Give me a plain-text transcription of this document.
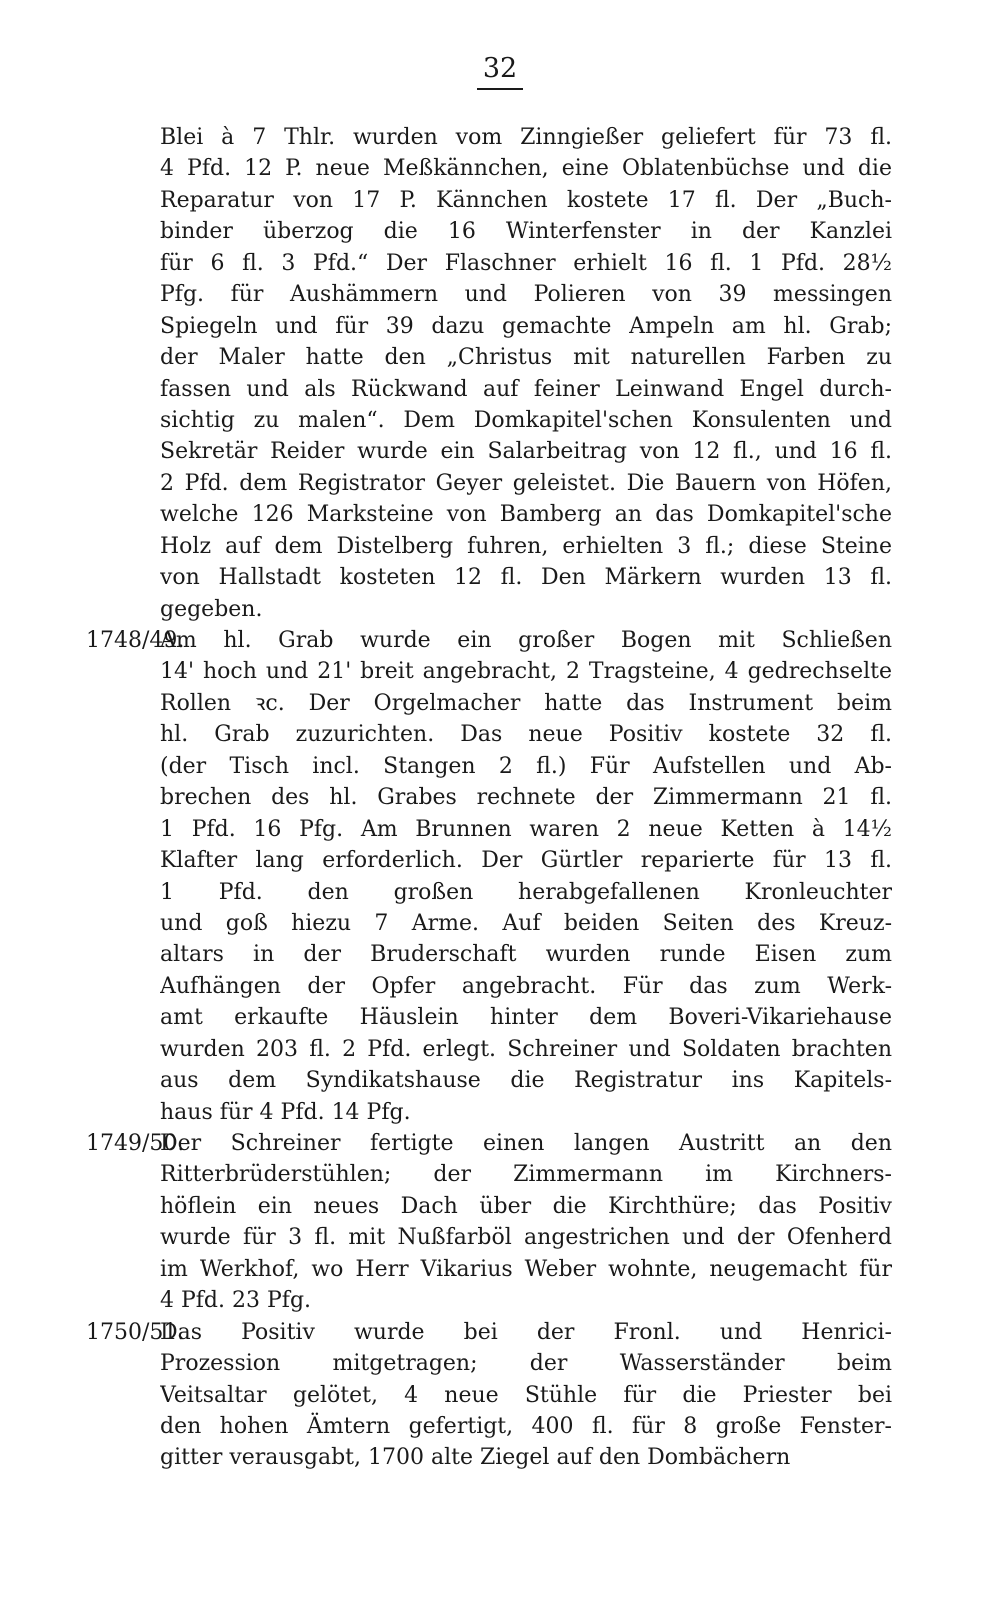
32
Blei à 7 Thlr. wurden vom Zinngießer geliefert für 73 fl.
4 Pfd. 12 P. neue Meßkännchen, eine Oblatenbüchse und die
Reparatur von 17 P. Kännchen kostete 17 fl. Der „Buch-
binder überzog die 16 Winterfenster in der Kanzlei
für 6 fl. 3 Pfd.“ Der Flaschner erhielt 16 fl. 1 Pfd. 28½
Pfg. für Aushämmern und Polieren von 39 messingen
Spiegeln und für 39 dazu gemachte Ampeln am hl. Grab;
der Maler hatte den „Christus mit naturellen Farben zu
fassen und als Rückwand auf feiner Leinwand Engel durch-
sichtig zu malen“. Dem Domkapitel'schen Konsulenten und
Sekretär Reider wurde ein Salarbeitrag von 12 fl., und 16 fl.
2 Pfd. dem Registrator Geyer geleistet. Die Bauern von Höfen,
welche 126 Marksteine von Bamberg an das Domkapitel'sche
Holz auf dem Distelberg fuhren, erhielten 3 fl.; diese Steine
von Hallstadt kosteten 12 fl. Den Märkern wurden 13 fl.
gegeben.
1748/49.
Am hl. Grab wurde ein großer Bogen mit Schließen
14' hoch und 21' breit angebracht, 2 Tragsteine, 4 gedrechselte
Rollen ꝛc. Der Orgelmacher hatte das Instrument beim
hl. Grab zuzurichten. Das neue Positiv kostete 32 fl.
(der Tisch incl. Stangen 2 fl.) Für Aufstellen und Ab-
brechen des hl. Grabes rechnete der Zimmermann 21 fl.
1 Pfd. 16 Pfg. Am Brunnen waren 2 neue Ketten à 14½
Klafter lang erforderlich. Der Gürtler reparierte für 13 fl.
1 Pfd. den großen herabgefallenen Kronleuchter
und goß hiezu 7 Arme. Auf beiden Seiten des Kreuz-
altars in der Bruderschaft wurden runde Eisen zum
Aufhängen der Opfer angebracht. Für das zum Werk-
amt erkaufte Häuslein hinter dem Boveri-Vikariehause
wurden 203 fl. 2 Pfd. erlegt. Schreiner und Soldaten brachten
aus dem Syndikatshause die Registratur ins Kapitels-
haus für 4 Pfd. 14 Pfg.
1749/50.
Der Schreiner fertigte einen langen Austritt an den
Ritterbrüderstühlen; der Zimmermann im Kirchners-
höflein ein neues Dach über die Kirchthüre; das Positiv
wurde für 3 fl. mit Nußfarböl angestrichen und der Ofenherd
im Werkhof, wo Herr Vikarius Weber wohnte, neugemacht für
4 Pfd. 23 Pfg.
1750/51.
Das Positiv wurde bei der Fronl. und Henrici-
Prozession mitgetragen; der Wasserständer beim
Veitsaltar gelötet, 4 neue Stühle für die Priester bei
den hohen Ämtern gefertigt, 400 fl. für 8 große Fenster-
gitter verausgabt, 1700 alte Ziegel auf den Dombächern
